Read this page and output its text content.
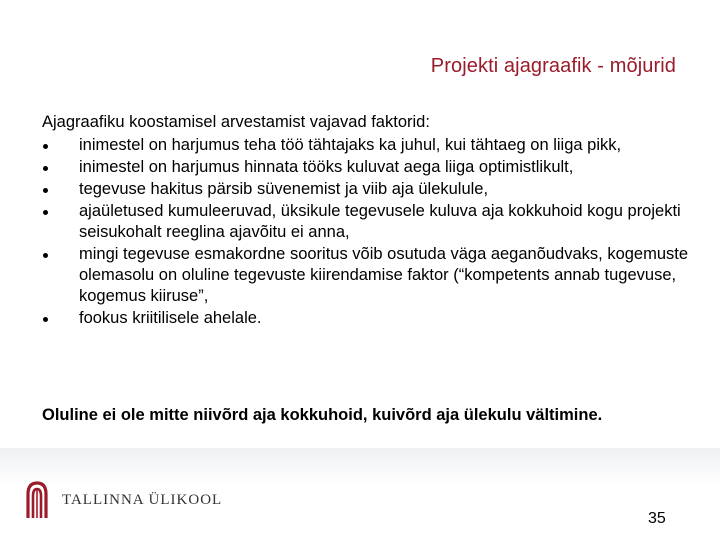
Projekti ajagraafik - mõjurid

Ajagraafiku koostamisel arvestamist vajavad faktorid:

inimestel on harjumus teha töö tähtajaks ka juhul, kui tähtaeg on liiga pikk,
inimestel on harjumus hinnata tööks kuluvat aega liiga optimistlikult,
tegevuse hakitus pärsib süvenemist ja viib aja ülekulule,
ajaületused kumuleeruvad, üksikule tegevusele kuluva aja kokkuhoid kogu projekti seisukohalt reeglina ajavõitu ei anna,
mingi tegevuse esmakordne sooritus võib osutuda väga aeganõudvaks, kogemuste olemasolu on oluline tegevuste kiirendamise faktor (“kompetents annab tugevuse, kogemus kiiruse”,
fookus kriitilisele ahelale.
Oluline ei ole mitte niivõrd aja kokkuhoid, kuivõrd aja ülekulu vältimine.
TALLINNA ÜLIKOOL
35
